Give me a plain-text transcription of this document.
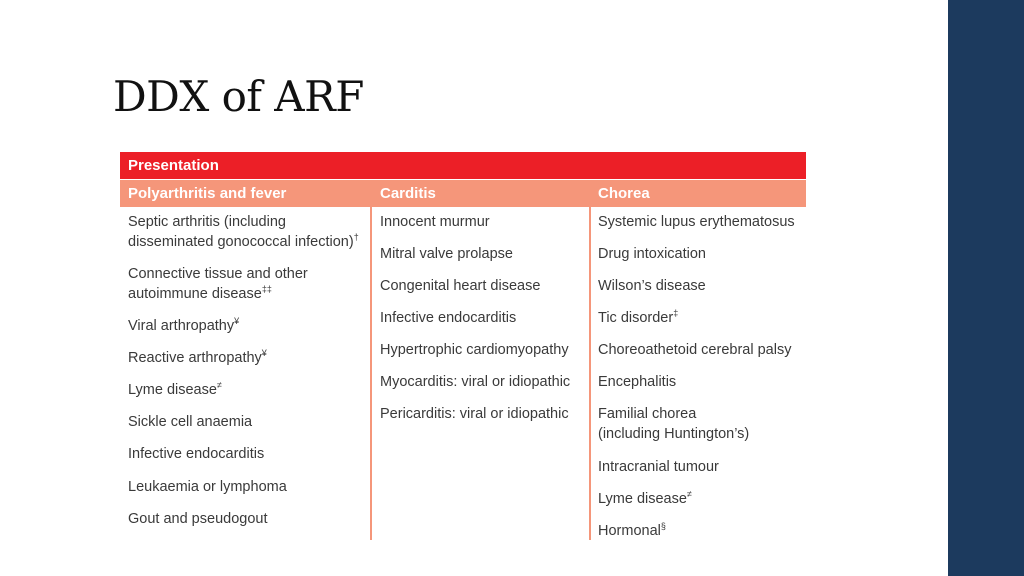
DDX of ARF
Presentation
Polyarthritis and fever	Carditis	Chorea
Septic arthritis (including
disseminated gonococcal infection)†
Connective tissue and other
autoimmune disease‡‡
Viral arthropathy¥
Reactive arthropathy¥
Lyme disease≠
Sickle cell anaemia
Infective endocarditis
Leukaemia or lymphoma
Gout and pseudogout
Innocent murmur
Mitral valve prolapse
Congenital heart disease
Infective endocarditis
Hypertrophic cardiomyopathy
Myocarditis: viral or idiopathic
Pericarditis: viral or idiopathic
Systemic lupus erythematosus
Drug intoxication
Wilson’s disease
Tic disorder‡
Choreoathetoid cerebral palsy
Encephalitis
Familial chorea
(including Huntington’s)
Intracranial tumour
Lyme disease≠
Hormonal§
